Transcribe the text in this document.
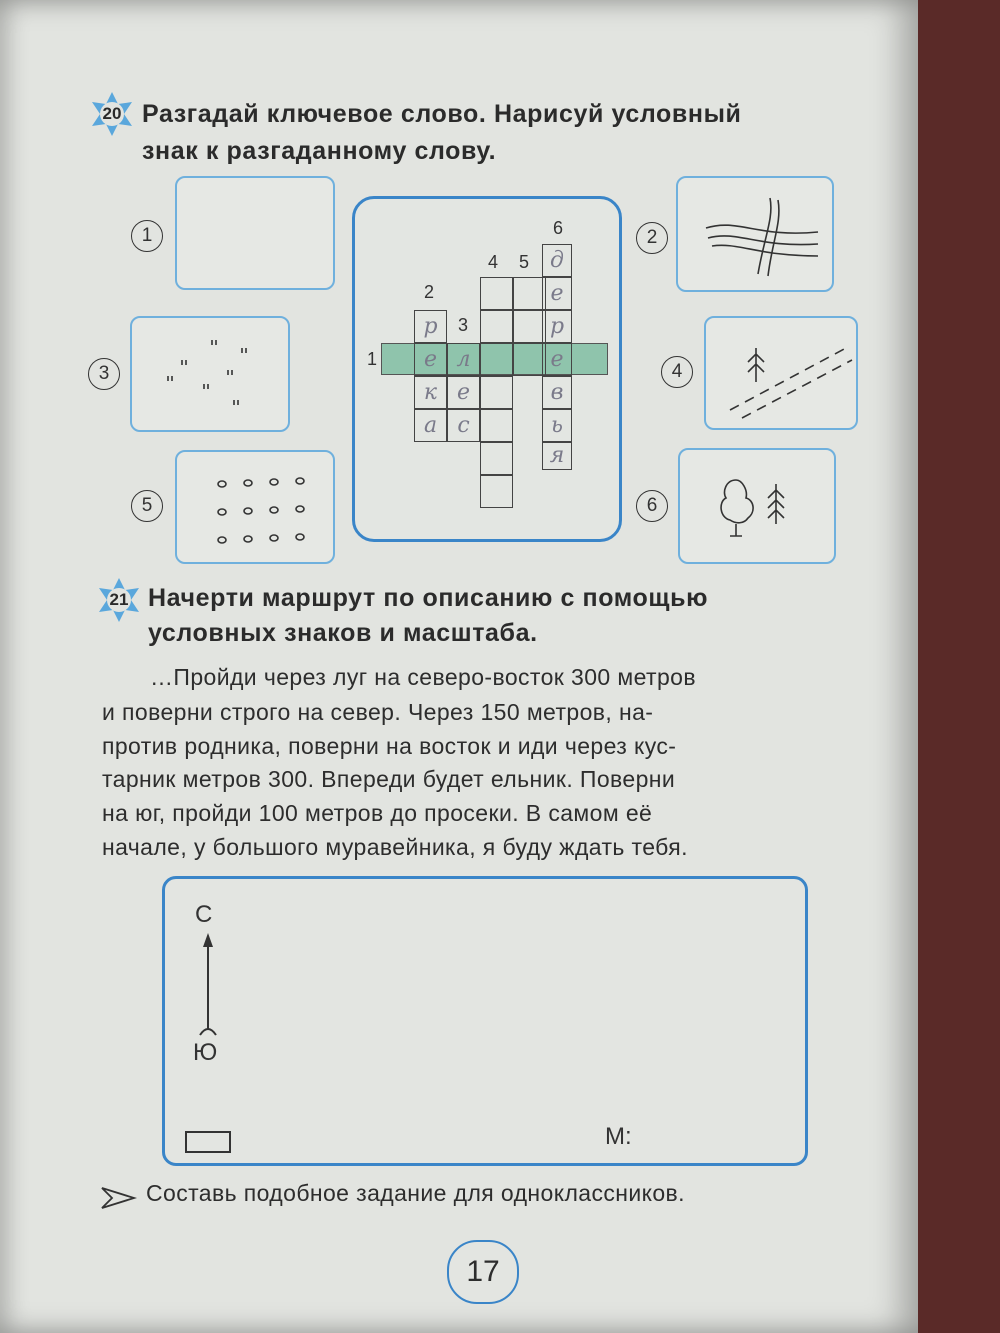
20 Разгадай ключевое слово. Нарисуй условный
знак к разгаданному слову.
1
3
5
1
2
3
4 5
6
р
е
к
а
л
е
с
д
е
р
е
в
ь
я
2
4
6
21 Начерти маршрут по описанию с помощью
условных знаков и масштаба.
…Пройди через луг на северо-восток 300 метров
и поверни строго на север. Через 150 метров, на-
против родника, поверни на восток и иди через кус-
тарник метров 300. Впереди будет ельник. Поверни
на юг, пройди 100 метров до просеки. В самом её
начале, у большого муравейника, я буду ждать тебя.
С
Ю
М:
Составь подобное задание для одноклассников.
17
